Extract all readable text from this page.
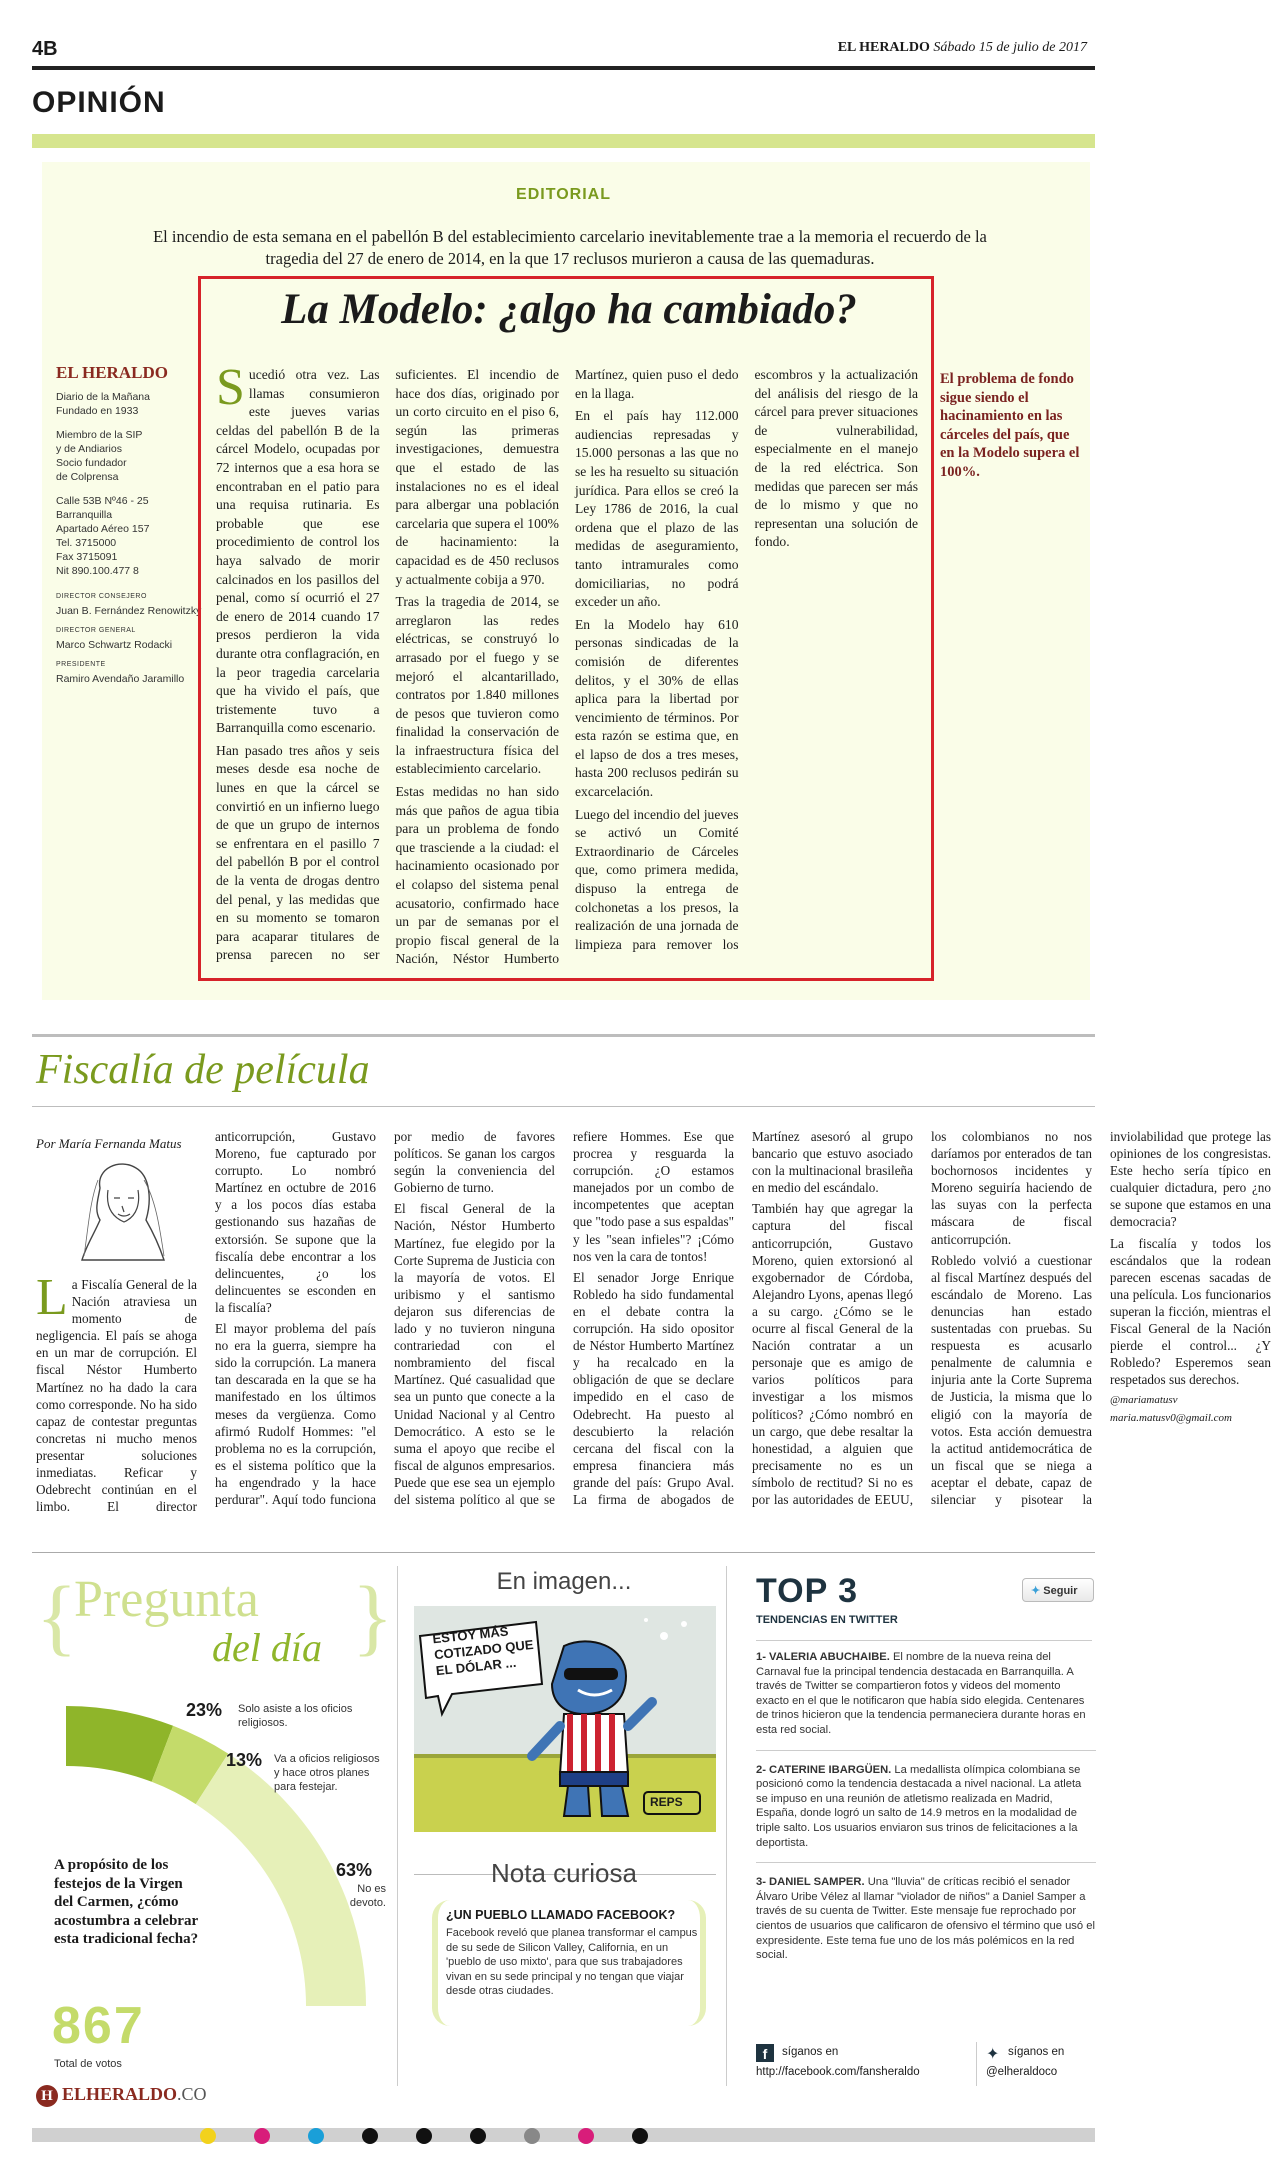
4B	EL HERALDO Sábado 15 de julio de 2017
OPINIÓN
EDITORIAL
El incendio de esta semana en el pabellón B del establecimiento carcelario inevitablemente trae a la memoria el recuerdo de la tragedia del 27 de enero de 2014, en la que 17 reclusos murieron a causa de las quemaduras.
EL HERALDO
Diario de la Mañana
Fundado en 1933
Miembro de la SIP
y de Andiarios
Socio fundador
de Colprensa
Calle 53B Nº46 - 25
Barranquilla
Apartado Aéreo 157
Tel. 3715000
Fax 3715091
Nit 890.100.477 8
DIRECTOR CONSEJERO
Juan B. Fernández Renowitzky
DIRECTOR GENERAL
Marco Schwartz Rodacki
PRESIDENTE
Ramiro Avendaño Jaramillo
La Modelo: ¿algo ha cambiado?

Sucedió otra vez. Las llamas consumieron este jueves varias celdas del pabellón B de la cárcel Modelo, ocupadas por 72 internos que a esa hora se encontraban en el patio para una requisa rutinaria. Es probable que ese procedimiento de control los haya salvado de morir calcinados en los pasillos del penal, como sí ocurrió el 27 de enero de 2014 cuando 17 presos perdieron la vida durante otra conflagración, en la peor tragedia carcelaria que ha vivido el país, que tristemente tuvo a Barranquilla como escenario.

Han pasado tres años y seis meses desde esa noche de lunes en que la cárcel se convirtió en un infierno luego de que un grupo de internos se enfrentara en el pasillo 7 del pabellón B por el control de la venta de drogas dentro del penal, y las medidas que en su momento se tomaron para acaparar titulares de prensa parecen no ser suficientes. El incendio de hace dos días, originado por un corto circuito en el piso 6, según las primeras investigaciones, demuestra que el estado de las instalaciones no es el ideal para albergar una población carcelaria que supera el 100% de hacinamiento: la capacidad es de 450 reclusos y actualmente cobija a 970.

Tras la tragedia de 2014, se arreglaron las redes eléctricas, se construyó lo arrasado por el fuego y se mejoró el alcantarillado, contratos por 1.840 millones de pesos que tuvieron como finalidad la conservación de la infraestructura física del establecimiento carcelario.

Estas medidas no han sido más que paños de agua tibia para un problema de fondo que trasciende a la ciudad: el hacinamiento ocasionado por el colapso del sistema penal acusatorio, confirmado hace un par de semanas por el propio fiscal general de la Nación, Néstor Humberto Martínez, quien puso el dedo en la llaga.

En el país hay 112.000 audiencias represadas y 15.000 personas a las que no se les ha resuelto su situación jurídica. Para ellos se creó la Ley 1786 de 2016, la cual ordena que el plazo de las medidas de aseguramiento, tanto intramurales como domiciliarias, no podrá exceder un año.

En la Modelo hay 610 personas sindicadas de la comisión de diferentes delitos, y el 30% de ellas aplica para la libertad por vencimiento de términos. Por esta razón se estima que, en el lapso de dos a tres meses, hasta 200 reclusos pedirán su excarcelación.

Luego del incendio del jueves se activó un Comité Extraordinario de Cárceles que, como primera medida, dispuso la entrega de colchonetas a los presos, la realización de una jornada de limpieza para remover los escombros y la actualización del análisis del riesgo de la cárcel para prever situaciones de vulnerabilidad, especialmente en el manejo de la red eléctrica. Son medidas que parecen ser más de lo mismo y que no representan una solución de fondo.

El problema de fondo sigue siendo el hacinamiento en las cárceles del país, que en la Modelo supera el 100%.
Fiscalía de película
Por María Fernanda Matus

La Fiscalía General de la Nación atraviesa un momento de negligencia. El país se ahoga en un mar de corrupción. El fiscal Néstor Humberto Martínez no ha dado la cara como corresponde. No ha sido capaz de contestar preguntas concretas ni mucho menos presentar soluciones inmediatas. Reficar y Odebrecht continúan en el limbo. El director anticorrupción, Gustavo Moreno, fue capturado por corrupto. Lo nombró Martínez en octubre de 2016 y a los pocos días estaba gestionando sus hazañas de extorsión. Se supone que la fiscalía debe encontrar a los delincuentes, ¿o los delincuentes se esconden en la fiscalía?

El mayor problema del país no era la guerra, siempre ha sido la corrupción. La manera tan descarada en la que se ha manifestado en los últimos meses da vergüenza. Como afirmó Rudolf Hommes: "el problema no es la corrupción, es el sistema político que la ha engendrado y la hace perdurar". Aquí todo funciona por medio de favores políticos. Se ganan los cargos según la conveniencia del Gobierno de turno.

El fiscal General de la Nación, Néstor Humberto Martínez, fue elegido por la Corte Suprema de Justicia con la mayoría de votos. El uribismo y el santismo dejaron sus diferencias de lado y no tuvieron ninguna contrariedad con el nombramiento del fiscal Martínez. Qué casualidad que sea un punto que conecte a la Unidad Nacional y al Centro Democrático. A esto se le suma el apoyo que recibe el fiscal de algunos empresarios. Puede que ese sea un ejemplo del sistema político al que se refiere Hommes. Ese que procrea y resguarda la corrupción. ¿O estamos manejados por un combo de incompetentes que aceptan que "todo pase a sus espaldas" y les "sean infieles"? ¡Cómo nos ven la cara de tontos!

El senador Jorge Enrique Robledo ha sido fundamental en el debate contra la corrupción. Ha sido opositor de Néstor Humberto Martínez y ha recalcado en la obligación de que se declare impedido en el caso de Odebrecht. Ha puesto al descubierto la relación cercana del fiscal con la empresa financiera más grande del país: Grupo Aval. La firma de abogados de Martínez asesoró al grupo bancario que estuvo asociado con la multinacional brasileña en medio del escándalo.

También hay que agregar la captura del fiscal anticorrupción, Gustavo Moreno, quien extorsionó al exgobernador de Córdoba, Alejandro Lyons, apenas llegó a su cargo. ¿Cómo se le ocurre al fiscal General de la Nación contratar a un personaje que es amigo de varios políticos para investigar a los mismos políticos? ¿Cómo nombró en un cargo, que debe resaltar la honestidad, a alguien que precisamente no es un símbolo de rectitud? Si no es por las autoridades de EEUU, los colombianos no nos daríamos por enterados de tan bochornosos incidentes y Moreno seguiría haciendo de las suyas con la perfecta máscara de fiscal anticorrupción.

Robledo volvió a cuestionar al fiscal Martínez después del escándalo de Moreno. Las denuncias han estado sustentadas con pruebas. Su respuesta es acusarlo penalmente de calumnia e injuria ante la Corte Suprema de Justicia, la misma que lo eligió con la mayoría de votos. Esta acción demuestra la actitud antidemocrática de un fiscal que se niega a aceptar el debate, capaz de silenciar y pisotear la inviolabilidad que protege las opiniones de los congresistas. Este hecho sería típico en cualquier dictadura, pero ¿no se supone que estamos en una democracia?

La fiscalía y todos los escándalos que la rodean parecen escenas sacadas de una película. Los funcionarios superan la ficción, mientras el Fiscal General de la Nación pierde el control... ¿Y Robledo? Esperemos sean respetados sus derechos.

@mariamatusv

maria.matusv0@gmail.com

Pregunta
{	}
del día
23% Solo asiste a los oficios religiosos.
13% Va a oficios religiosos y hace otros planes para festejar.
63%
No es devoto.
A propósito de los festejos de la Virgen del Carmen, ¿cómo acostumbra a celebrar esta tradicional fecha?
867
Total de votos
En imagen...
ESTOY MÁS COTIZADO QUE EL DÓLAR ...
REPS
Nota curiosa
¿UN PUEBLO LLAMADO FACEBOOK?
Facebook reveló que planea transformar el campus de su sede de Silicon Valley, California, en un 'pueblo de uso mixto', para que sus trabajadores vivan en su sede principal y no tengan que viajar desde otras ciudades.
TOP 3
TENDENCIAS EN TWITTER
✦ Seguir
1- VALERIA ABUCHAIBE. El nombre de la nueva reina del Carnaval fue la principal tendencia destacada en Barranquilla. A través de Twitter se compartieron fotos y videos del momento exacto en el que le notificaron que había sido elegida. Centenares de trinos hicieron que la tendencia permaneciera durante horas en esta red social.
2- CATERINE IBARGÜEN. La medallista olímpica colombiana se posicionó como la tendencia destacada a nivel nacional. La atleta se impuso en una reunión de atletismo realizada en Madrid, España, donde logró un salto de 14.9 metros en la modalidad de triple salto. Los usuarios enviaron sus trinos de felicitaciones a la deportista.
3- DANIEL SAMPER. Una "lluvia" de críticas recibió el senador Álvaro Uribe Vélez al llamar "violador de niños" a Daniel Samper a través de su cuenta de Twitter. Este mensaje fue reprochado por cientos de usuarios que calificaron de ofensivo el término que usó el expresidente. Este tema fue uno de los más polémicos en la red social.
f	síganos en
http://facebook.com/fansheraldo
✦ síganos en
@elheraldoco
H ELHERALDO.CO
